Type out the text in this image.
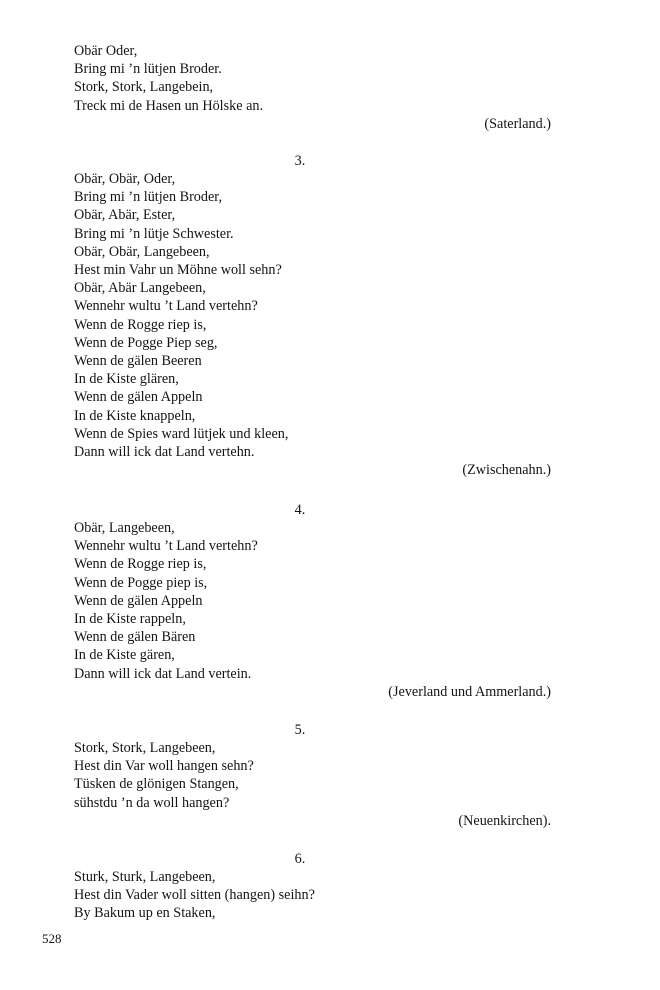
Obär Oder,
Bring mi ’n lütjen Broder.
Stork, Stork, Langebein,
Treck mi de Hasen un Hölske an.
(Saterland.)
3.
Obär, Obär, Oder,
Bring mi ’n lütjen Broder,
Obär, Abär, Ester,
Bring mi ’n lütje Schwester.
Obär, Obär, Langebeen,
Hest min Vahr un Möhne woll sehn?
Obär, Abär Langebeen,
Wennehr wultu ’t Land vertehn?
Wenn de Rogge riep is,
Wenn de Pogge Piep seg,
Wenn de gälen Beeren
In de Kiste glären,
Wenn de gälen Appeln
In de Kiste knappeln,
Wenn de Spies ward lütjek und kleen,
Dann will ick dat Land vertehn.
(Zwischenahn.)
4.
Obär, Langebeen,
Wennehr wultu ’t Land vertehn?
Wenn de Rogge riep is,
Wenn de Pogge piep is,
Wenn de gälen Appeln
In de Kiste rappeln,
Wenn de gälen Bären
In de Kiste gären,
Dann will ick dat Land vertein.
(Jeverland und Ammerland.)
5.
Stork, Stork, Langebeen,
Hest din Var woll hangen sehn?
Tüsken de glönigen Stangen,
sühstdu ’n da woll hangen?
(Neuenkirchen).
6.
Sturk, Sturk, Langebeen,
Hest din Vader woll sitten (hangen) seihn?
By Bakum up en Staken,
528
